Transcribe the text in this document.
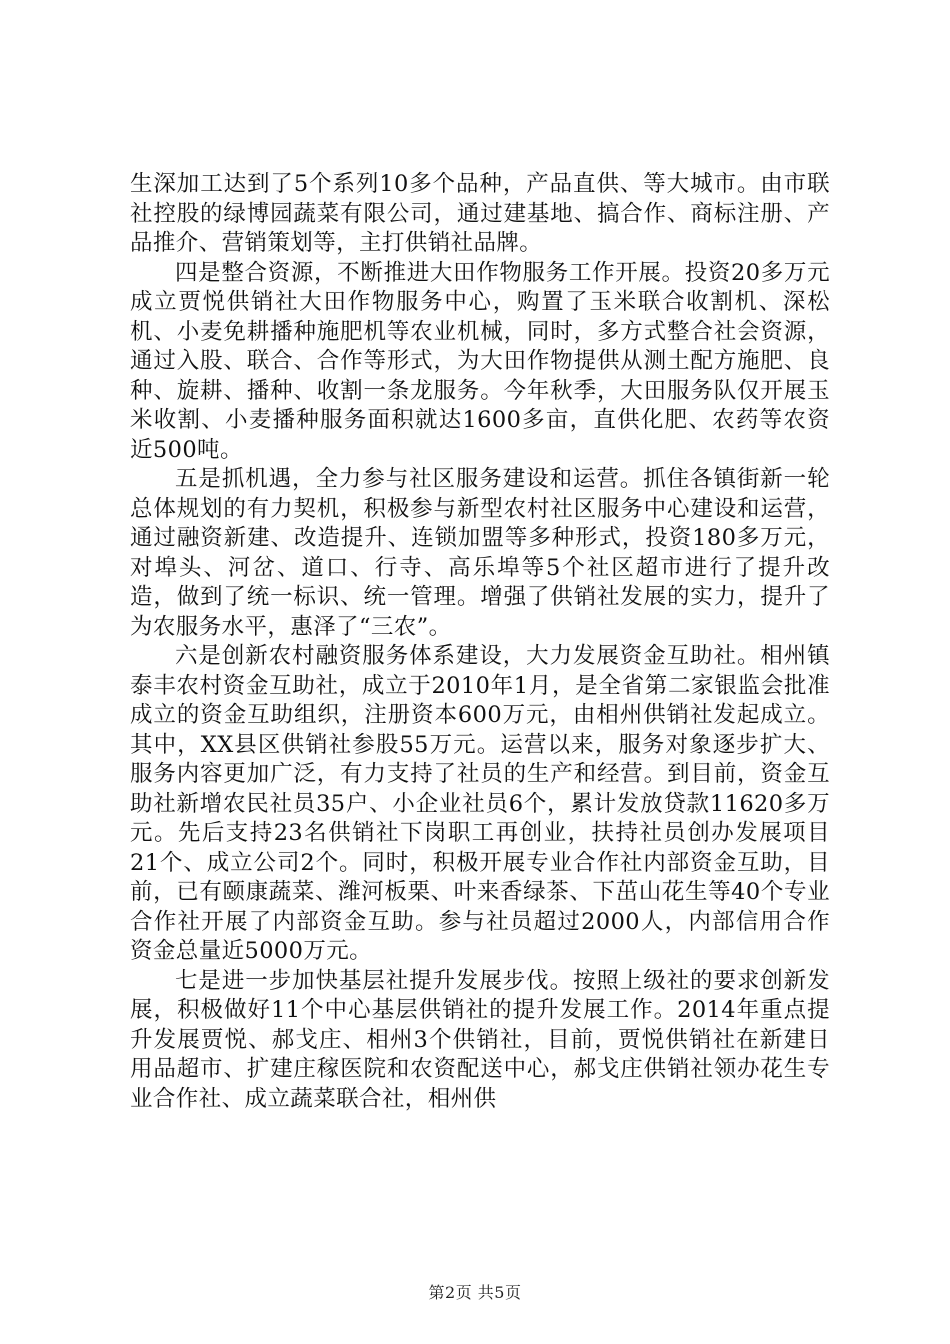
生深加工达到了5个系列10多个品种，产品直供、等大城市。由市联社控股的绿博园蔬菜有限公司，通过建基地、搞合作、商标注册、产品推介、营销策划等，主打供销社品牌。

四是整合资源，不断推进大田作物服务工作开展。投资20多万元成立贾悦供销社大田作物服务中心，购置了玉米联合收割机、深松机、小麦免耕播种施肥机等农业机械，同时，多方式整合社会资源，通过入股、联合、合作等形式，为大田作物提供从测土配方施肥、良种、旋耕、播种、收割一条龙服务。今年秋季，大田服务队仅开展玉米收割、小麦播种服务面积就达1600多亩，直供化肥、农药等农资近500吨。

五是抓机遇，全力参与社区服务建设和运营。抓住各镇街新一轮总体规划的有力契机，积极参与新型农村社区服务中心建设和运营，通过融资新建、改造提升、连锁加盟等多种形式，投资180多万元，对埠头、河岔、道口、行寺、高乐埠等5个社区超市进行了提升改造，做到了统一标识、统一管理。增强了供销社发展的实力，提升了为农服务水平，惠泽了“三农”。

六是创新农村融资服务体系建设，大力发展资金互助社。相州镇泰丰农村资金互助社，成立于2010年1月，是全省第二家银监会批准成立的资金互助组织，注册资本600万元，由相州供销社发起成立。其中，XX县区供销社参股55万元。运营以来，服务对象逐步扩大、服务内容更加广泛，有力支持了社员的生产和经营。到目前，资金互助社新增农民社员35户、小企业社员6个，累计发放贷款11620多万元。先后支持23名供销社下岗职工再创业，扶持社员创办发展项目21个、成立公司2个。同时，积极开展专业合作社内部资金互助，目前，已有颐康蔬菜、潍河板栗、叶来香绿茶、下茁山花生等40个专业合作社开展了内部资金互助。参与社员超过2000人，内部信用合作资金总量近5000万元。

七是进一步加快基层社提升发展步伐。按照上级社的要求创新发展，积极做好11个中心基层供销社的提升发展工作。2014年重点提升发展贾悦、郝戈庄、相州3个供销社，目前，贾悦供销社在新建日用品超市、扩建庄稼医院和农资配送中心，郝戈庄供销社领办花生专业合作社、成立蔬菜联合社，相州供

第2页 共5页
